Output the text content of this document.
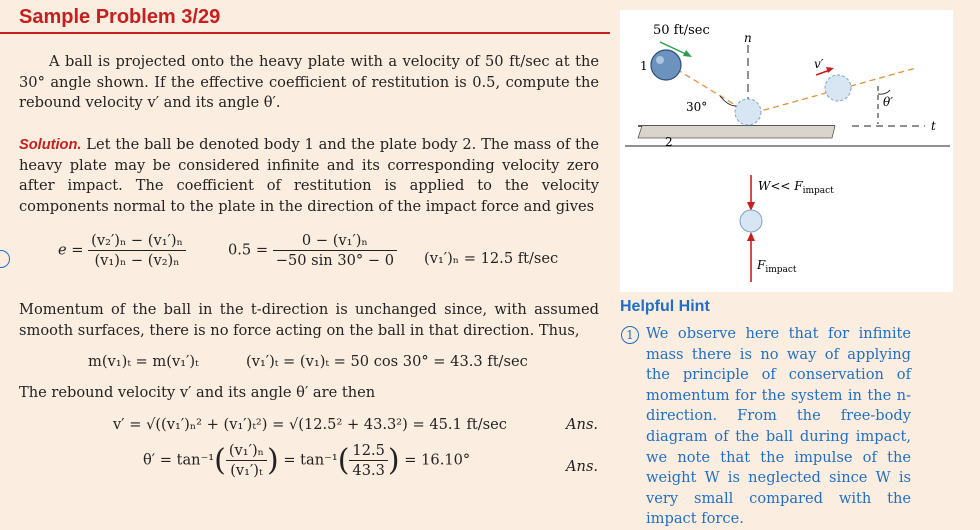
Sample Problem 3/29

A ball is projected onto the heavy plate with a velocity of 50 ft/sec at the 30° angle shown. If the effective coefficient of restitution is 0.5, compute the rebound velocity v′ and its angle θ′.

Solution. Let the ball be denoted body 1 and the plate body 2. The mass of the heavy plate may be considered infinite and its corresponding velocity zero after impact. The coefficient of restitution is applied to the velocity components normal to the plate in the direction of the impact force and gives

$e = \frac{\text{(v₂′)ₙ − (v₁′)ₙ}}{\text{(v₁)ₙ − (v₂)ₙ}}$	$0.5 = \frac{\text{0 − (v₁′)ₙ}}{-50 \sin 30^\circ - 0} (v_1')_n = 12.5$ ft/sec

Momentum of the ball in the t-direction is unchanged since, with assumed smooth surfaces, there is no force acting on the ball in that direction. Thus,

m(v₁)ₜ = m(v₁′)ₜ	(v₁′)ₜ = (v₁)ₜ = 50 cos 30° = 43.3 ft/sec
The rebound velocity v′ and its angle θ′ are then
v′ = √((v₁′)ₙ² + (v₁′)ₜ²) = √(12.5² + 43.3²) = 45.1 ft/sec	Ans.
$\theta' = \tan^{-1}( \frac{\text{(v₁′)ₙ}}{\text{(v₁′)ₜ}}$ ) = $\tan^{-1}( \frac{12.5}{43.3}$ ) = 16.10°	Ans.
50 ft/sec	n
v′
1
30°	θ′
t
2
$W<< F_{impact}$
$F_{impact}$
Helpful Hint
1 We observe here that for infinite mass there is no way of applying the principle of conservation of momentum for the system in the n-direction. From the free-body diagram of the ball during impact, we note that the impulse of the weight W is neglected since W is very small compared with the impact force.
